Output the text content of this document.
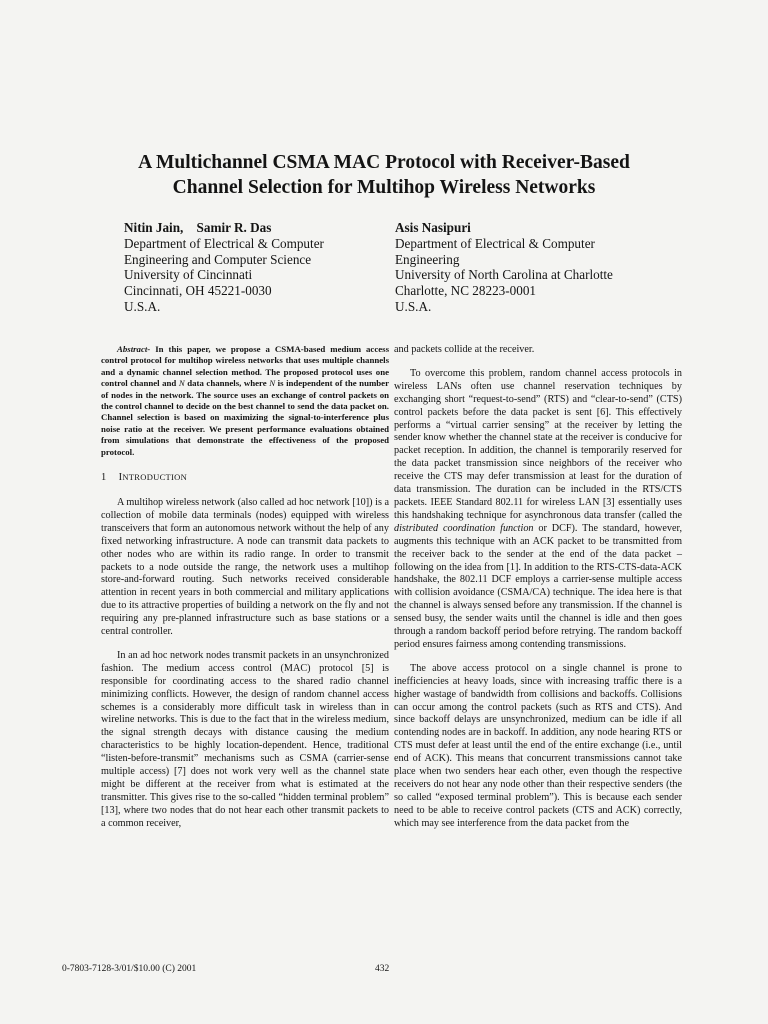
A Multichannel CSMA MAC Protocol with Receiver-Based
Channel Selection for Multihop Wireless Networks
Nitin Jain,    Samir R. Das
Department of Electrical & Computer
Engineering and Computer Science
University of Cincinnati
Cincinnati, OH 45221-0030
U.S.A.
Asis Nasipuri
Department of Electrical & Computer
Engineering
University of North Carolina at Charlotte
Charlotte, NC 28223-0001
U.S.A.

Abstract- In this paper, we propose a CSMA-based medium access control protocol for multihop wireless networks that uses multiple channels and a dynamic channel selection method. The proposed protocol uses one control channel and N data channels, where N is independent of the number of nodes in the network. The source uses an exchange of control packets on the control channel to decide on the best channel to send the data packet on. Channel selection is based on maximizing the signal-to-interference plus noise ratio at the receiver. We present performance evaluations obtained from simulations that demonstrate the effectiveness of the proposed protocol.

1 INTRODUCTION

A multihop wireless network (also called ad hoc network [10]) is a collection of mobile data terminals (nodes) equipped with wireless transceivers that form an autonomous network without the help of any fixed networking infrastructure. A node can transmit data packets to other nodes who are within its radio range. In order to transmit packets to a node outside the range, the network uses a multihop store-and-forward routing. Such networks received considerable attention in recent years in both commercial and military applications due to its attractive properties of building a network on the fly and not requiring any pre-planned infrastructure such as base stations or a central controller.

In an ad hoc network nodes transmit packets in an unsynchronized fashion. The medium access control (MAC) protocol [5] is responsible for coordinating access to the shared radio channel minimizing conflicts. However, the design of random channel access schemes is a considerably more difficult task in wireless than in wireline networks. This is due to the fact that in the wireless medium, the signal strength decays with distance causing the medium characteristics to be highly location-dependent. Hence, traditional “listen-before-transmit” mechanisms such as CSMA (carrier-sense multiple access) [7] does not work very well as the channel state might be different at the receiver from what is estimated at the transmitter. This gives rise to the so-called “hidden terminal problem” [13], where two nodes that do not hear each other transmit packets to a common receiver,

and packets collide at the receiver.

To overcome this problem, random channel access protocols in wireless LANs often use channel reservation techniques by exchanging short “request-to-send” (RTS) and “clear-to-send” (CTS) control packets before the data packet is sent [6]. This effectively performs a “virtual carrier sensing” at the receiver by letting the sender know whether the channel state at the receiver is conducive for packet reception. In addition, the channel is temporarily reserved for the data packet transmission since neighbors of the receiver who receive the CTS may defer transmission at least for the duration of data transmission. The duration can be included in the RTS/CTS packets. IEEE Standard 802.11 for wireless LAN [3] essentially uses this handshaking technique for asynchronous data transfer (called the distributed coordination function or DCF). The standard, however, augments this technique with an ACK packet to be transmitted from the receiver back to the sender at the end of the data packet – following on the idea from [1]. In addition to the RTS-CTS-data-ACK handshake, the 802.11 DCF employs a carrier-sense multiple access with collision avoidance (CSMA/CA) technique. The idea here is that the channel is always sensed before any transmission. If the channel is sensed busy, the sender waits until the channel is idle and then goes through a random backoff period before retrying. The random backoff period ensures fairness among contending transmissions.

The above access protocol on a single channel is prone to inefficiencies at heavy loads, since with increasing traffic there is a higher wastage of bandwidth from collisions and backoffs. Collisions can occur among the control packets (such as RTS and CTS). And since backoff delays are unsynchronized, medium can be idle if all contending nodes are in backoff. In addition, any node hearing RTS or CTS must defer at least until the end of the entire exchange (i.e., until end of ACK). This means that concurrent transmissions cannot take place when two senders hear each other, even though the respective receivers do not hear any node other than their respective senders (the so called “exposed terminal problem”). This is because each sender need to be able to receive control packets (CTS and ACK) correctly, which may see interference from the data packet from the

0-7803-7128-3/01/$10.00 (C) 2001	432
